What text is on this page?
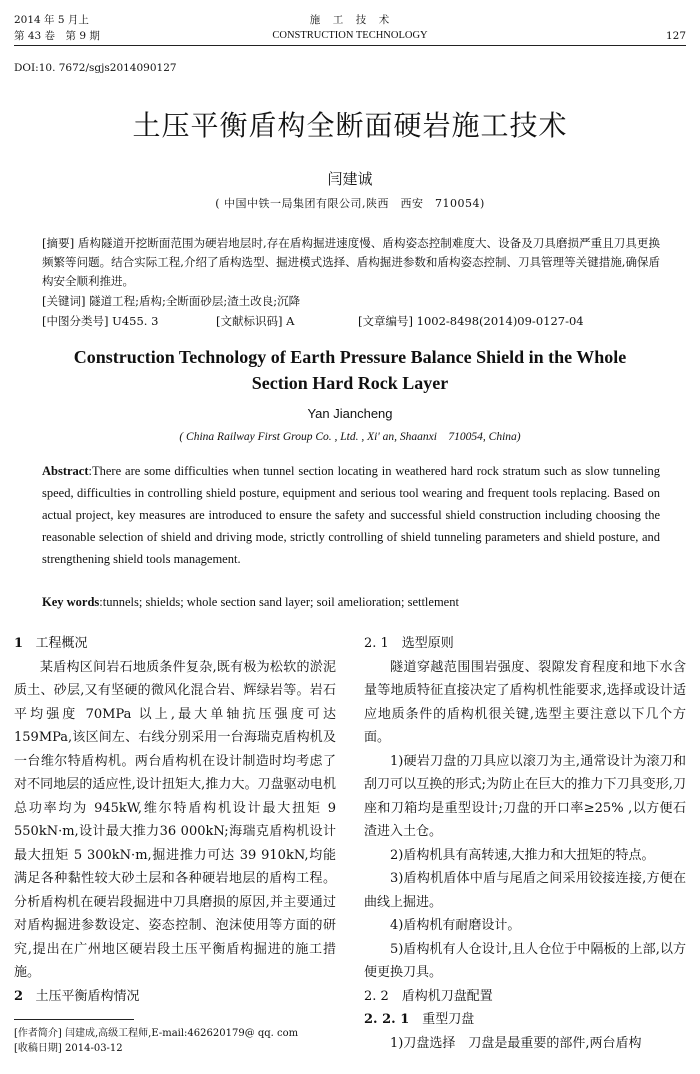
2014 年 5 月上
第 43 卷　第 9 期
施　工　技　术
CONSTRUCTION TECHNOLOGY	127
DOI:10. 7672/sgjs2014090127
土压平衡盾构全断面硬岩施工技术
闫建诚
( 中国中铁一局集团有限公司,陕西　西安　710054)
[摘要] 盾构隧道开挖断面范围为硬岩地层时,存在盾构掘进速度慢、盾构姿态控制难度大、设备及刀具磨损严重且刀具更换频繁等问题。结合实际工程,介绍了盾构选型、掘进模式选择、盾构掘进参数和盾构姿态控制、刀具管理等关键措施,确保盾构安全顺利推进。
[关键词] 隧道工程;盾构;全断面砂层;渣土改良;沉降
[中图分类号] U455. 3	[文献标识码] A	[文章编号] 1002-8498(2014)09-0127-04
Construction Technology of Earth Pressure Balance Shield in the Whole Section Hard Rock Layer
Yan Jiancheng
( China Railway First Group Co. , Ltd. , Xi' an, Shaanxi　710054, China)
Abstract:There are some difficulties when tunnel section locating in weathered hard rock stratum such as slow tunneling speed, difficulties in controlling shield posture, equipment and serious tool wearing and frequent tools replacing. Based on actual project, key measures are introduced to ensure the safety and successful shield construction including choosing the reasonable selection of shield and driving mode, strictly controlling of shield tunneling parameters and shield posture, and strengthening shield tools management.
Key words:tunnels; shields; whole section sand layer; soil amelioration; settlement

1 工程概况

某盾构区间岩石地质条件复杂,既有极为松软的淤泥质土、砂层,又有坚硬的微风化混合岩、辉绿岩等。岩石平均强度 70MPa 以上,最大单轴抗压强度可达 159MPa,该区间左、右线分别采用一台海瑞克盾构机及一台维尔特盾构机。两台盾构机在设计制造时均考虑了对不同地层的适应性,设计扭矩大,推力大。刀盘驱动电机总功率均为 945kW,维尔特盾构机设计最大扭矩 9 550kN·m,设计最大推力36 000kN;海瑞克盾构机设计最大扭矩 5 300kN·m,掘进推力可达 39 910kN,均能满足各种黏性较大砂土层和各种硬岩地层的盾构工程。分析盾构机在硬岩段掘进中刀具磨损的原因,并主要通过对盾构掘进参数设定、姿态控制、泡沫使用等方面的研究,提出在广州地区硬岩段土压平衡盾构掘进的施工措施。

2 土压平衡盾构情况

2. 1　选型原则

隧道穿越范围围岩强度、裂隙发育程度和地下水含量等地质特征直接决定了盾构机性能要求,选择或设计适应地质条件的盾构机很关键,选型主要注意以下几个方面。

1)硬岩刀盘的刀具应以滚刀为主,通常设计为滚刀和刮刀可以互换的形式;为防止在巨大的推力下刀具变形,刀座和刀箱均是重型设计;刀盘的开口率≥25% ,以方便石渣进入土仓。

2)盾构机具有高转速,大推力和大扭矩的特点。

3)盾构机盾体中盾与尾盾之间采用铰接连接,方便在曲线上掘进。

4)盾构机有耐磨设计。

5)盾构机有人仓设计,且人仓位于中隔板的上部,以方便更换刀具。

2. 2　盾构机刀盘配置

2. 2. 1　重型刀盘

1)刀盘选择　刀盘是最重要的部件,两台盾构

[作者简介] 闫建成,高级工程师,E-mail:462620179@ qq. com
[收稿日期] 2014-03-12
